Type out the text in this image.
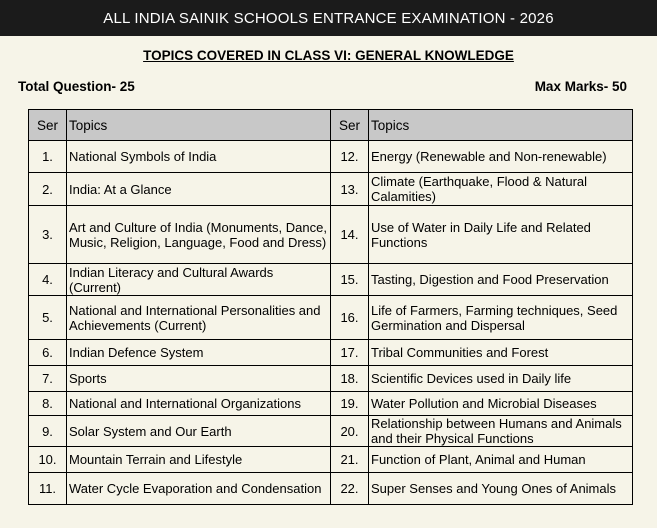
ALL INDIA SAINIK SCHOOLS ENTRANCE EXAMINATION - 2026
TOPICS COVERED IN CLASS VI: GENERAL KNOWLEDGE
Total Question- 25	Max Marks- 50
Ser	Topics	Ser	Topics
1.	National Symbols of India	12.	Energy (Renewable and Non-renewable)
2.	India: At a Glance	13.	Climate (Earthquake, Flood & Natural Calamities)
3.	Art and Culture of India (Monuments, Dance, Music, Religion, Language, Food and Dress)	14.	Use of Water in Daily Life and Related Functions
4.	Indian Literacy and Cultural Awards (Current)	15.	Tasting, Digestion and Food Preservation
5.	National and International Personalities and Achievements (Current)	16.	Life of Farmers, Farming techniques, Seed Germination and Dispersal
6.	Indian Defence System	17.	Tribal Communities and Forest
7.	Sports	18.	Scientific Devices used in Daily life
8.	National and International Organizations	19.	Water Pollution and Microbial Diseases
9.	Solar System and Our Earth	20.	Relationship between Humans and Animals and their Physical Functions
10.	Mountain Terrain and Lifestyle	21.	Function of Plant, Animal and Human
11.	Water Cycle Evaporation and Condensation	22.	Super Senses and Young Ones of Animals
